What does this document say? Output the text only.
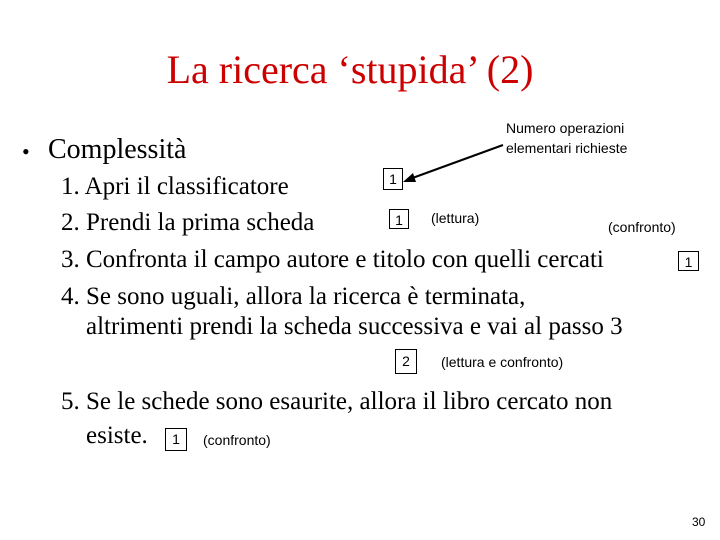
La ricerca ‘stupida’ (2)
• Complessità
Numero operazioni
elementari richieste
1. Apri il classificatore
2. Prendi la prima scheda
3. Confronta il campo autore e titolo con quelli cercati
4. Se sono uguali, allora la ricerca è terminata,
altrimenti prendi la scheda successiva e vai al passo 3
5. Se le schede sono esaurite, allora il libro cercato non
esiste.
1
1
1
2
1
(lettura)
(confronto)
(lettura e confronto)
(confronto)
30
